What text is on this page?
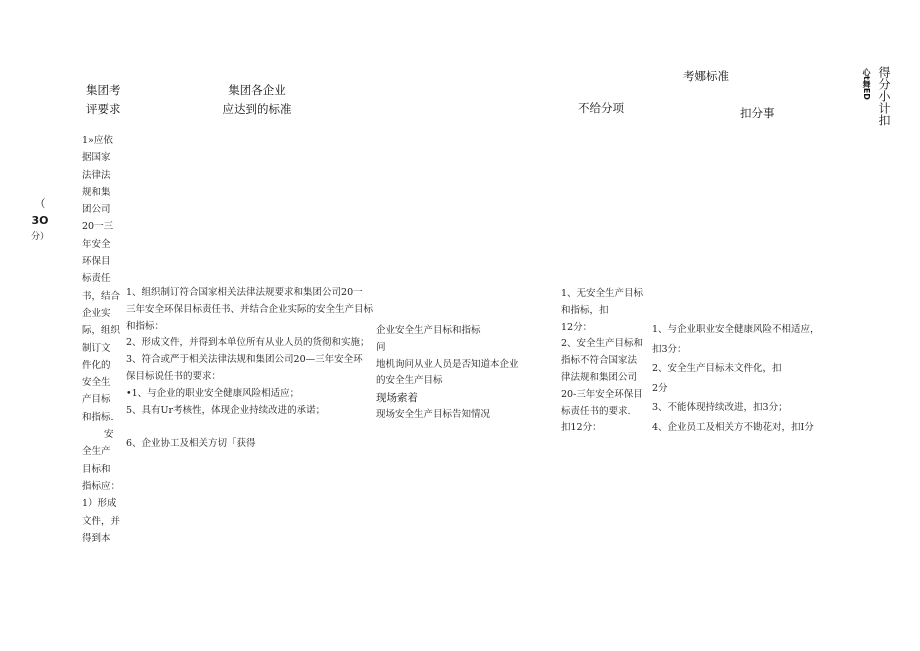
集团考
评要求
集团各企业
应达到的标准
考娜标准
不给分项	扣分事	得分小计扣
心t舞ED
（
3O
分）
1»应依
据国家
法律法
规和集
团公司
20一三
年安全
环保目
标责任
书，结合
企业实
际，组织
制订文
件化的
安全生
产目标
和指标.
安
全生产
目标和
指标应：
1）形成
文件，并
得到本
1、组织制订符合国家相关法律法规要求和集团公司20一
三年安全环保目标责任书、并结合企业实际的安全生产目标
和指标：
2、形成文件，并得到本单位所有从业人员的货彻和实施；
3、符合或严于相关法律法规和集团公司20—三年安全环
保目标说任书的要求：
•1、与企业的职业安全健康风险相适应；
5、具有Ur考核性，体现企业持续改进的承诺；

6、企业协工及相关方切「获得
企业安全生产目标和指标
问
地机询问从业人员是否知道本企业
的安全生产目标
现场索着
现场安全生产目标告知情况
1、无安全生产目标
和指标，扣
12分：
2、安全生产目标和
指标不符合国家法
律法规和集团公司
20-三年安全环保目
标责任书的要求.
扣12分：
1、与企业职业安全健康风险不相适应，
扣3分：
2、安全生产目标未文件化，扣
2分
3、不能体现持续改进，扣3分；
4、企业员工及相关方不勘花对，扣I分
